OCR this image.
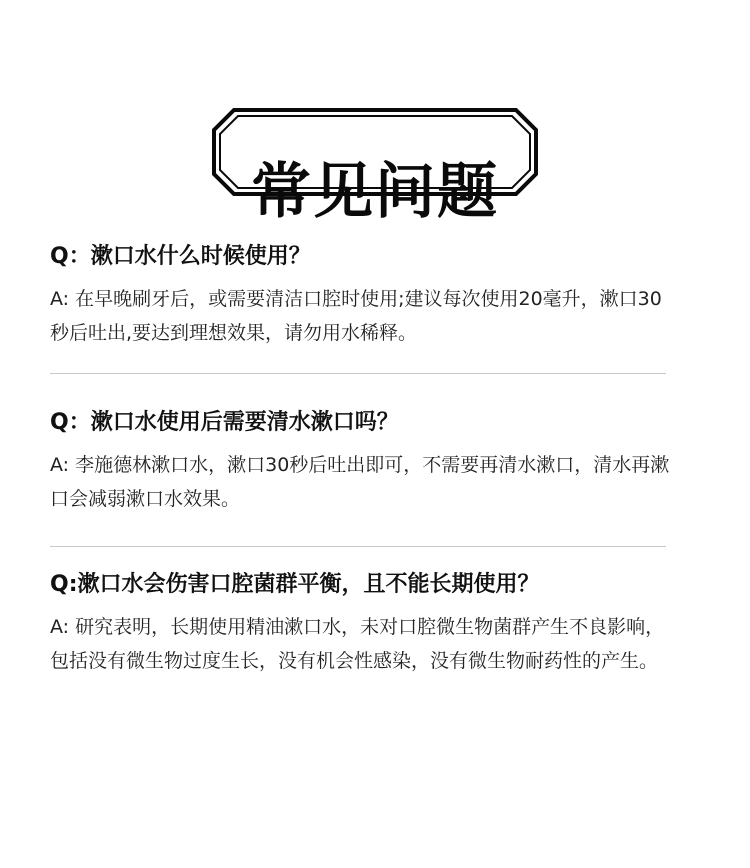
常见问题
Q：漱口水什么时候使用？

A: 在早晚刷牙后，或需要清洁口腔时使用;建议每次使用20毫升，漱口30秒后吐出,要达到理想效果，请勿用水稀释。

Q：漱口水使用后需要清水漱口吗？

A: 李施德林漱口水，漱口30秒后吐出即可，不需要再清水漱口，清水再漱口会减弱漱口水效果。

Q:漱口水会伤害口腔菌群平衡，且不能长期使用？

A: 研究表明，长期使用精油漱口水，未对口腔微生物菌群产生不良影响，包括没有微生物过度生长，没有机会性感染，没有微生物耐药性的产生。
